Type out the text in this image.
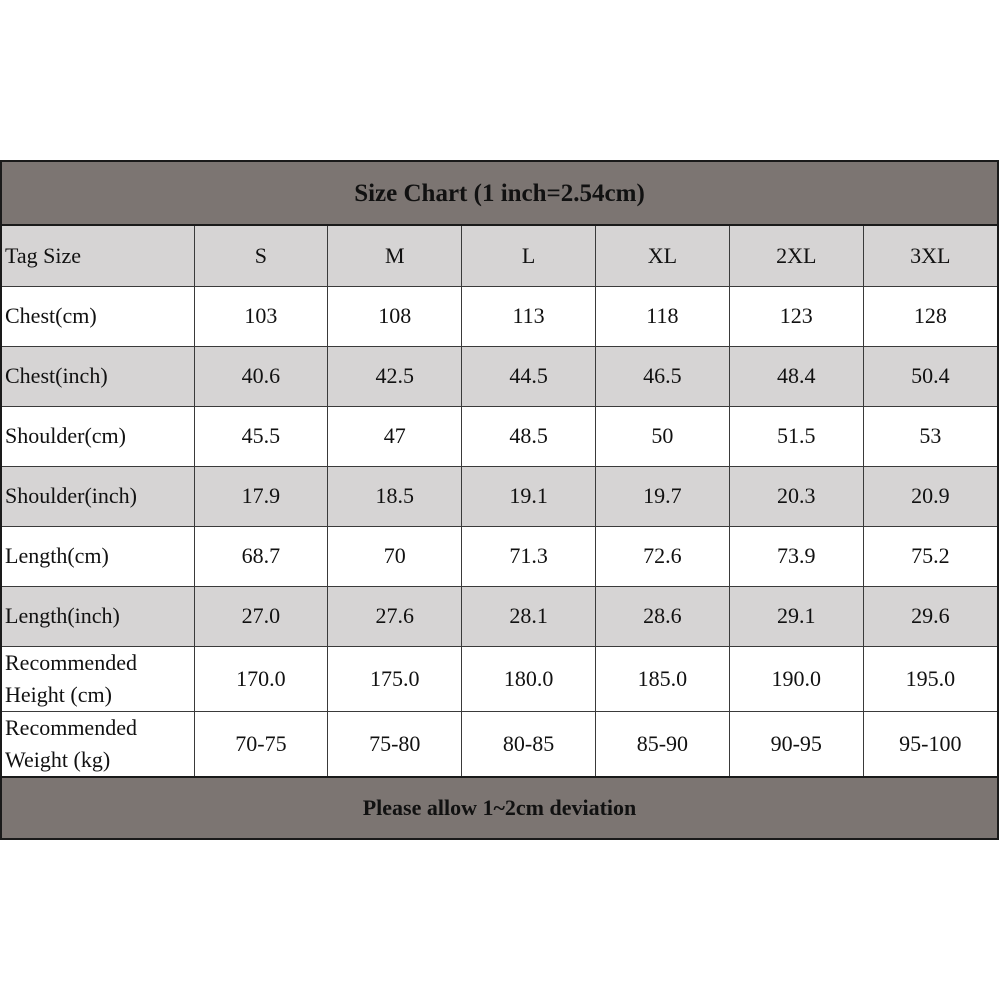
Size Chart (1 inch=2.54cm)
Tag Size	S	M	L	XL	2XL	3XL
Chest(cm)	103	108	113	118	123	128
Chest(inch)	40.6	42.5	44.5	46.5	48.4	50.4
Shoulder(cm)	45.5	47	48.5	50	51.5	53
Shoulder(inch)	17.9	18.5	19.1	19.7	20.3	20.9
Length(cm)	68.7	70	71.3	72.6	73.9	75.2
Length(inch)	27.0	27.6	28.1	28.6	29.1	29.6
Recommended
Height (cm)	170.0	175.0	180.0	185.0	190.0	195.0
Recommended
Weight (kg)	70-75	75-80	80-85	85-90	90-95	95-100
Please allow 1~2cm deviation
